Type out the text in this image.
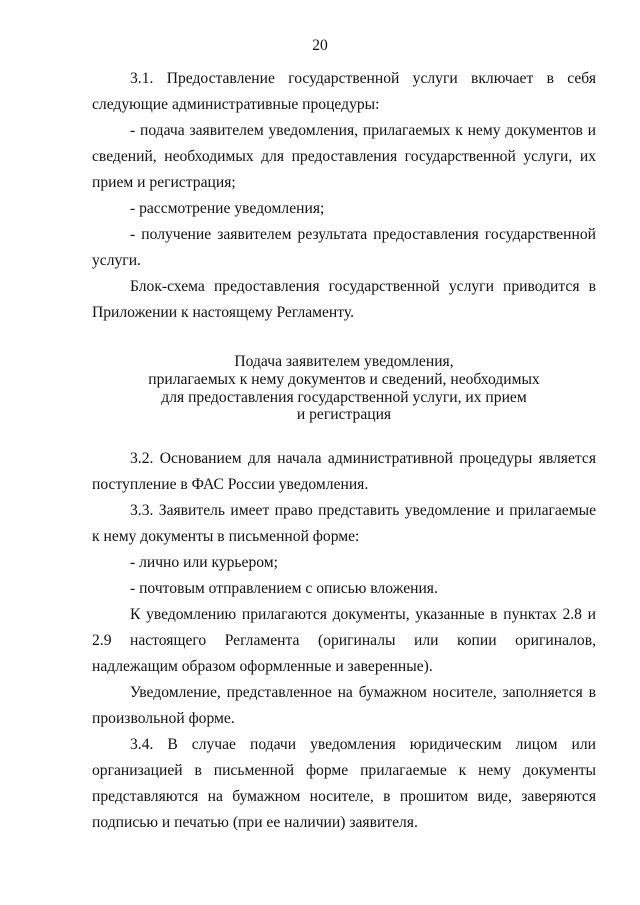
20

3.1. Предоставление государственной услуги включает в себя следующие административные процедуры:

- подача заявителем уведомления, прилагаемых к нему документов и сведений, необходимых для предоставления государственной услуги, их прием и регистрация;

- рассмотрение уведомления;

- получение заявителем результата предоставления государственной услуги.

Блок-схема предоставления государственной услуги приводится в Приложении к настоящему Регламенту.

Подача заявителем уведомления,
прилагаемых к нему документов и сведений, необходимых
для предоставления государственной услуги, их прием
и регистрация

3.2. Основанием для начала административной процедуры является поступление в ФАС России уведомления.

3.3. Заявитель имеет право представить уведомление и прилагаемые к нему документы в письменной форме:

- лично или курьером;

- почтовым отправлением с описью вложения.

К уведомлению прилагаются документы, указанные в пунктах 2.8 и 2.9 настоящего Регламента (оригиналы или копии оригиналов, надлежащим образом оформленные и заверенные).

Уведомление, представленное на бумажном носителе, заполняется в произвольной форме.

3.4. В случае подачи уведомления юридическим лицом или организацией в письменной форме прилагаемые к нему документы представляются на бумажном носителе, в прошитом виде, заверяются подписью и печатью (при ее наличии) заявителя.
